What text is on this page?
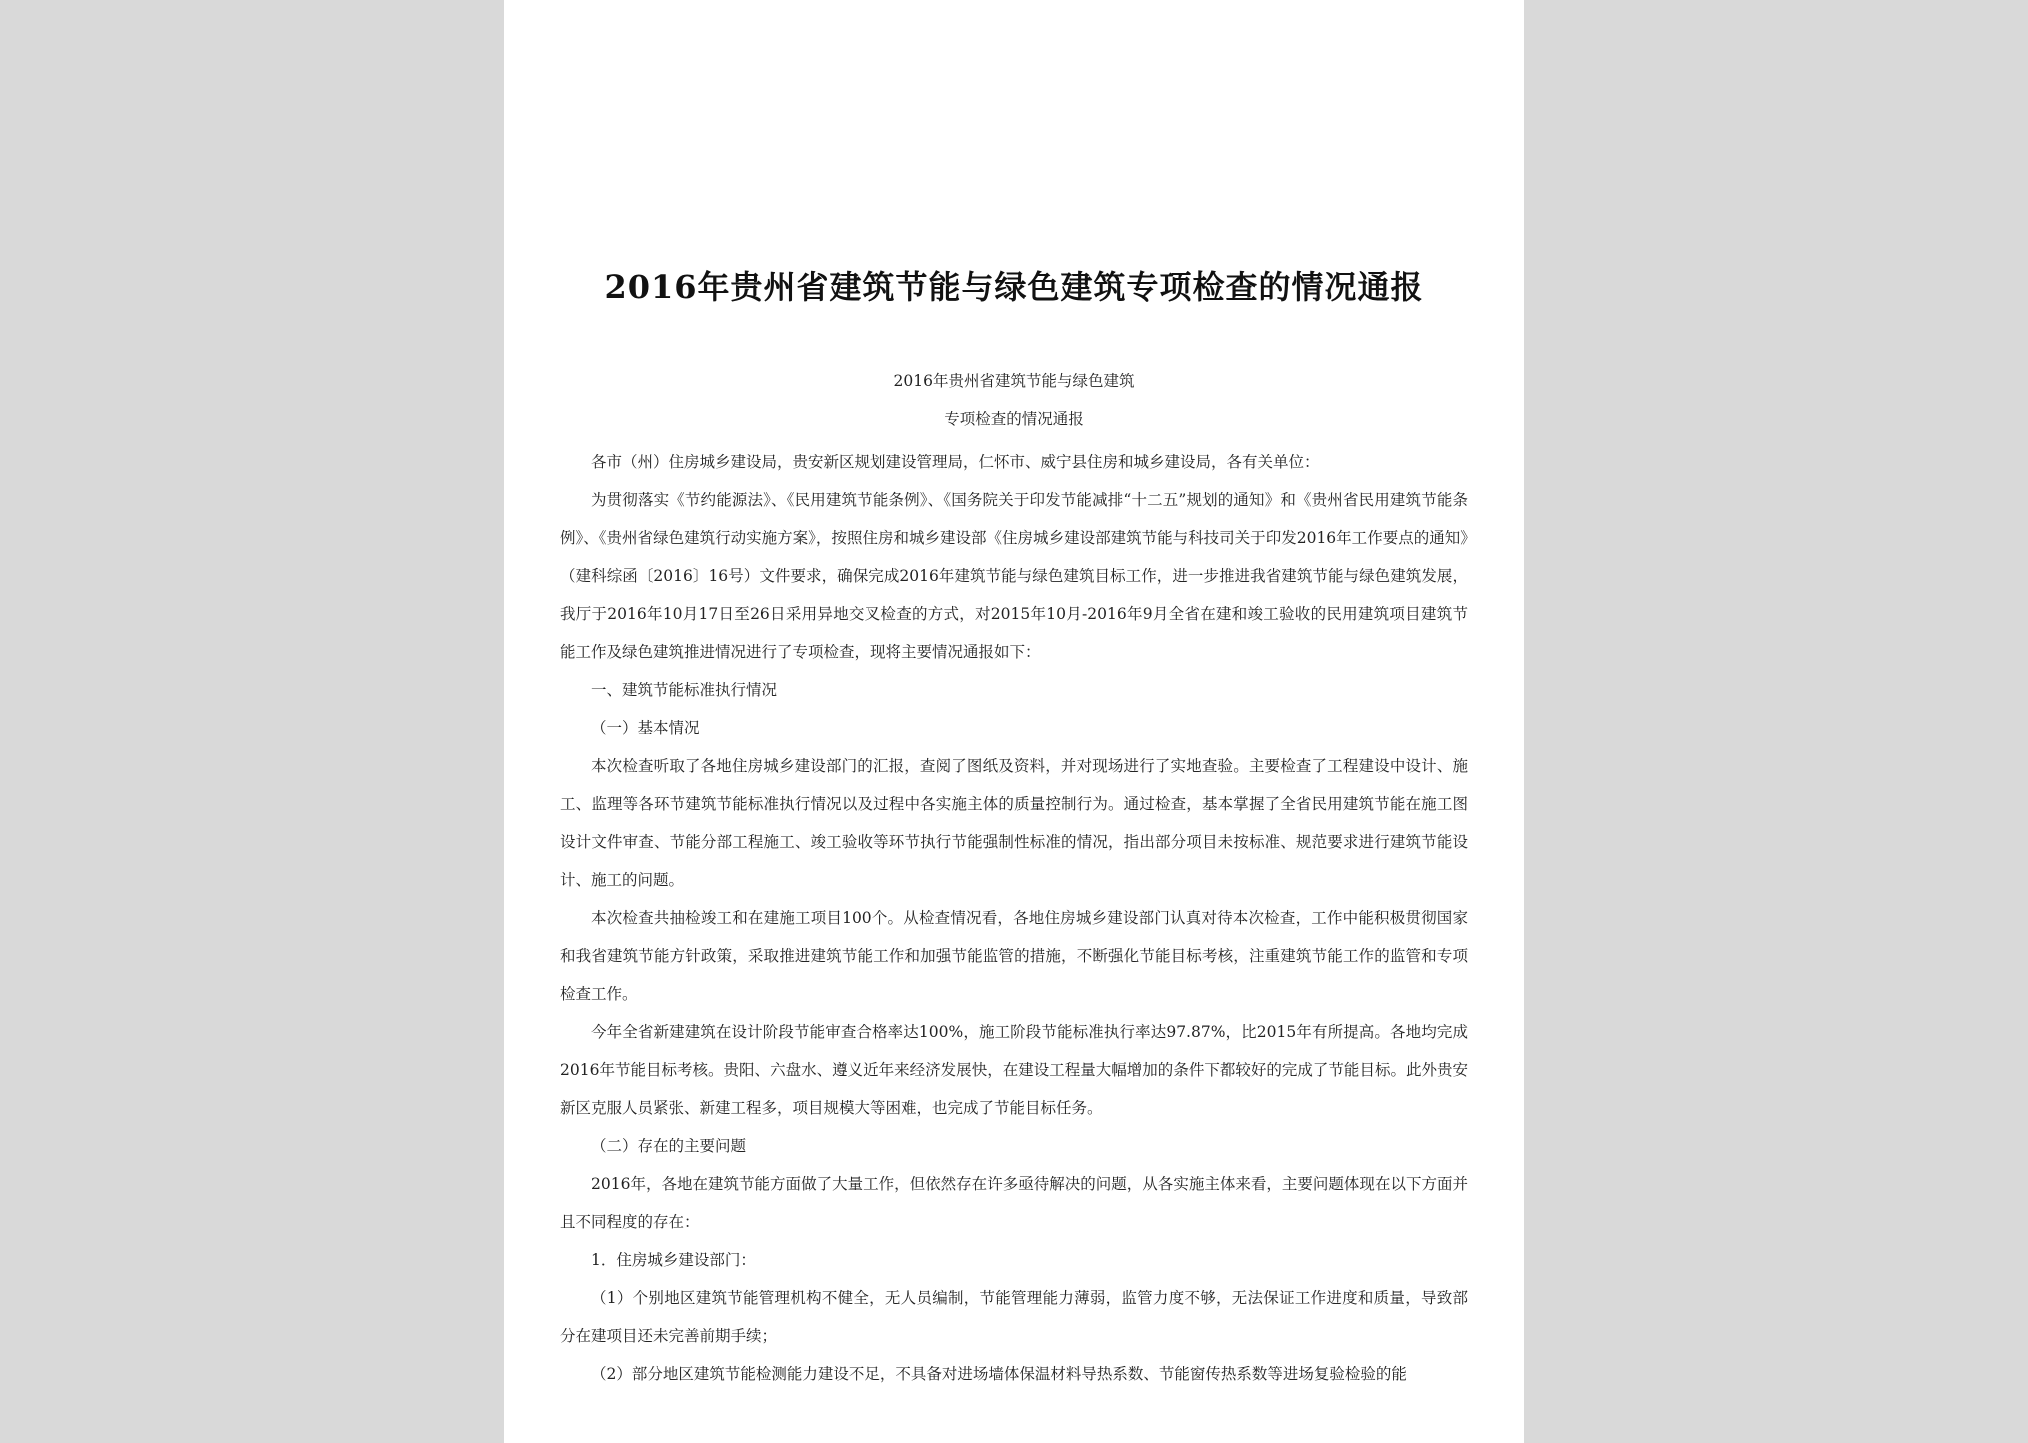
2016年贵州省建筑节能与绿色建筑专项检查的情况通报
2016年贵州省建筑节能与绿色建筑
专项检查的情况通报

各市（州）住房城乡建设局，贵安新区规划建设管理局，仁怀市、威宁县住房和城乡建设局，各有关单位：

为贯彻落实《节约能源法》、《民用建筑节能条例》、《国务院关于印发节能减排“十二五”规划的通知》和《贵州省民用建筑节能条例》、《贵州省绿色建筑行动实施方案》，按照住房和城乡建设部《住房城乡建设部建筑节能与科技司关于印发2016年工作要点的通知》（建科综函〔2016〕16号）文件要求，确保完成2016年建筑节能与绿色建筑目标工作，进一步推进我省建筑节能与绿色建筑发展，我厅于2016年10月17日至26日采用异地交叉检查的方式，对2015年10月-2016年9月全省在建和竣工验收的民用建筑项目建筑节能工作及绿色建筑推进情况进行了专项检查，现将主要情况通报如下：

一、建筑节能标准执行情况

（一）基本情况

本次检查听取了各地住房城乡建设部门的汇报，查阅了图纸及资料，并对现场进行了实地查验。主要检查了工程建设中设计、施工、监理等各环节建筑节能标准执行情况以及过程中各实施主体的质量控制行为。通过检查，基本掌握了全省民用建筑节能在施工图设计文件审查、节能分部工程施工、竣工验收等环节执行节能强制性标准的情况，指出部分项目未按标准、规范要求进行建筑节能设计、施工的问题。

本次检查共抽检竣工和在建施工项目100个。从检查情况看，各地住房城乡建设部门认真对待本次检查，工作中能积极贯彻国家和我省建筑节能方针政策，采取推进建筑节能工作和加强节能监管的措施，不断强化节能目标考核，注重建筑节能工作的监管和专项检查工作。

今年全省新建建筑在设计阶段节能审查合格率达100%，施工阶段节能标准执行率达97.87%，比2015年有所提高。各地均完成2016年节能目标考核。贵阳、六盘水、遵义近年来经济发展快，在建设工程量大幅增加的条件下都较好的完成了节能目标。此外贵安新区克服人员紧张、新建工程多，项目规模大等困难，也完成了节能目标任务。

（二）存在的主要问题

2016年，各地在建筑节能方面做了大量工作，但依然存在许多亟待解决的问题，从各实施主体来看，主要问题体现在以下方面并且不同程度的存在：

1．住房城乡建设部门：

（1）个别地区建筑节能管理机构不健全，无人员编制，节能管理能力薄弱，监管力度不够，无法保证工作进度和质量，导致部分在建项目还未完善前期手续；

（2）部分地区建筑节能检测能力建设不足，不具备对进场墙体保温材料导热系数、节能窗传热系数等进场复验检验的能
